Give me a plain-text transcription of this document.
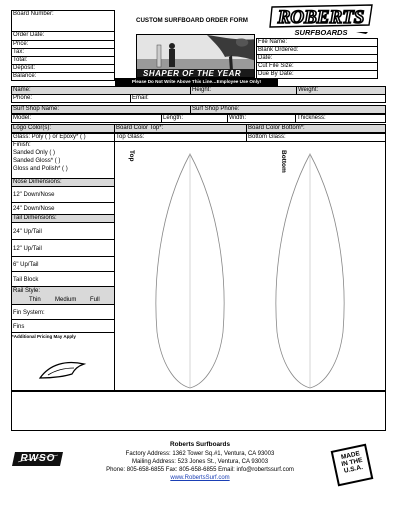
Board Number:
Order Date:
Price:
Tax:
Total:
Deposit:
Balance:
CUSTOM SURFBOARD ORDER FORM ROBERTS
SURFBOARDS
SHAPER OF THE YEAR
File Name:
Blank Ordered:
Date:
Cut File Size:
Due By Date:
Please Do Not Write Above This Line…Employee Use Only!
Name:	Height:	Weight:
Phone:	Email:
Surf Shop Name:	Surf Shop Phone:
Model:	Length:	Width:	Thickness:
Logo Color(s):	Board Color Top*:	Board Color Bottom*:
Glass: Poly ( ) or Epoxy* ( )	Top Glass:	Bottom Glass:
Finish:
Sanded Only ( )
Sanded Gloss* ( )
Gloss and Polish* ( )
Nose Dimensions:
12" Down/Nose
24" Down/Nose
Tail Dimensions:
24" Up/Tail
12" Up/Tail
6" Up/Tail
Tail Block
Rail Style:
Thin Medium Full
Fin System:
Fins
*Additional Pricing May Apply
Top	Bottom
RWSO	MADE IN THE U.S.A.
Roberts Surfboards
Factory Address: 1362 Tower Sq.#1, Ventura, CA 93003
Mailing Address: 523 Jones St., Ventura, CA 93003
Phone: 805-658-6855 Fax: 805-658-6855 Email: info@robertssurf.com
www.RobertsSurf.com
